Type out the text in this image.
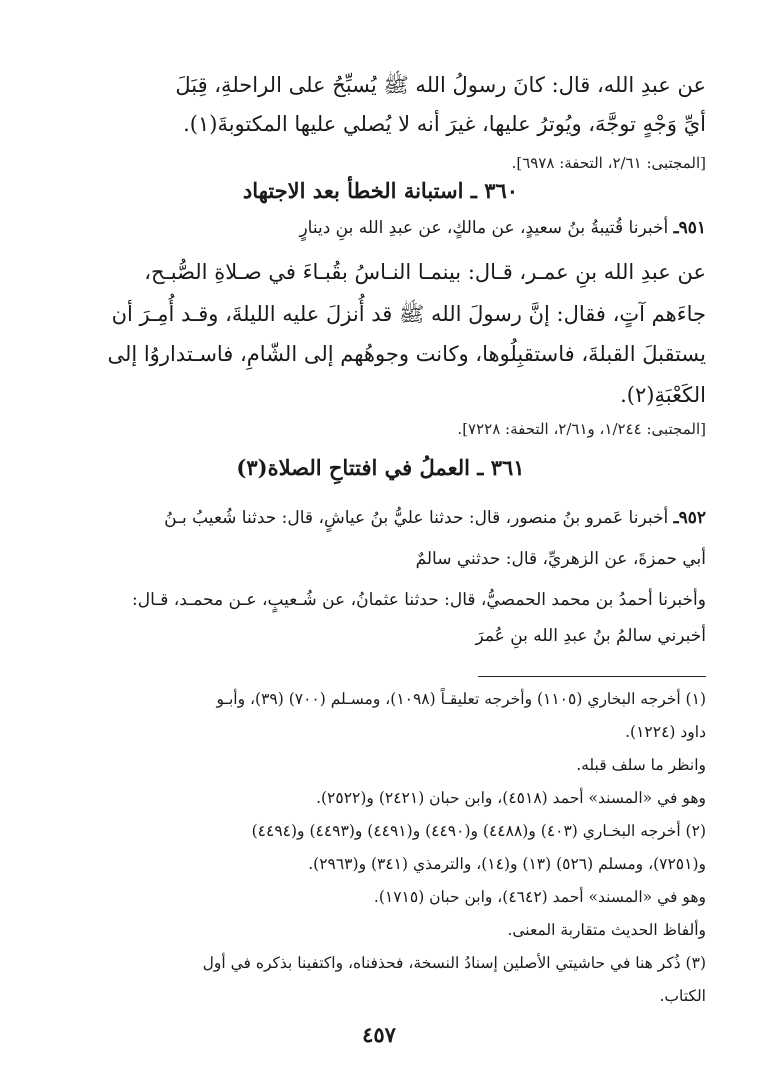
عن عبدِ الله، قال: كانَ رسولُ الله ﷺ يُسبِّحُ على الراحلةِ، قِبَلَ
أيِّ وَجْهٍ توجَّهَ، ويُوترُ عليها، غيرَ أنه لا يُصلي عليها المكتوبةَ(١).
[المجتبى: ٢/٦١، التحفة: ٦٩٧٨].
٣٦٠ ـ استبانة الخطأ بعد الاجتهاد
٩٥١ـ أخبرنا قُتيبةُ بنُ سعيدٍ، عن مالكٍ، عن عبدِ الله بنِ دينارٍ
عن عبدِ الله بنِ عمـر، قـال: بينمـا النـاسُ بقُبـاءَ في صـلاةِ الصُّبـح،
جاءَهم آتٍ، فقال: إنَّ رسولَ الله ﷺ قد أُنزلَ عليه الليلةَ، وقـد أُمِـرَ أن
يستقبلَ القبلةَ، فاستقبِلُوها، وكانت وجوهُهم إلى الشّامِ، فاسـتداروُا إلى
الكَعْبَةِ(٢).
[المجتبى: ١/٢٤٤، و٢/٦١، التحفة: ٧٢٢٨].
٣٦١ ـ العملُ في افتتاحِ الصلاة(٣)
٩٥٢ـ أخبرنا عَمرو بنُ منصور، قال: حدثنا عليُّ بنُ عياشٍ، قال: حدثنا شُعيبُ بـنُ
أبي حمزةَ، عن الزهريِّ، قال: حدثني سالمٌ
وأخبرنا أحمدُ بن محمد الحمصيُّ، قال: حدثنا عثمانُ، عن شُـعيبٍ، عـن محمـد، قـال:
أخبرني سالمُ بنُ عبدِ الله بنِ عُمرَ
(١) أخرجه البخاري (١١٠٥) وأخرجه تعليقـاً (١٠٩٨)، ومسـلم (٧٠٠) (٣٩)، وأبـو
داود (١٢٢٤).
وانظر ما سلف قبله.
وهو في «المسند» أحمد (٤٥١٨)، وابن حبان (٢٤٢١) و(٢٥٢٢).
(٢) أخرجه البخـاري (٤٠٣) و(٤٤٨٨) و(٤٤٩٠) و(٤٤٩١) و(٤٤٩٣) و(٤٤٩٤)
و(٧٢٥١)، ومسلم (٥٢٦) (١٣) و(١٤)، والترمذي (٣٤١) و(٢٩٦٣).
وهو في «المسند» أحمد (٤٦٤٢)، وابن حبان (١٧١٥).
وألفاظ الحديث متقاربة المعنى.
(٣) ذُكر هنا في حاشيتي الأصلين إسنادُ النسخة، فحذفناه، واكتفينا بذكره في أول
الكتاب.
٤٥٧
